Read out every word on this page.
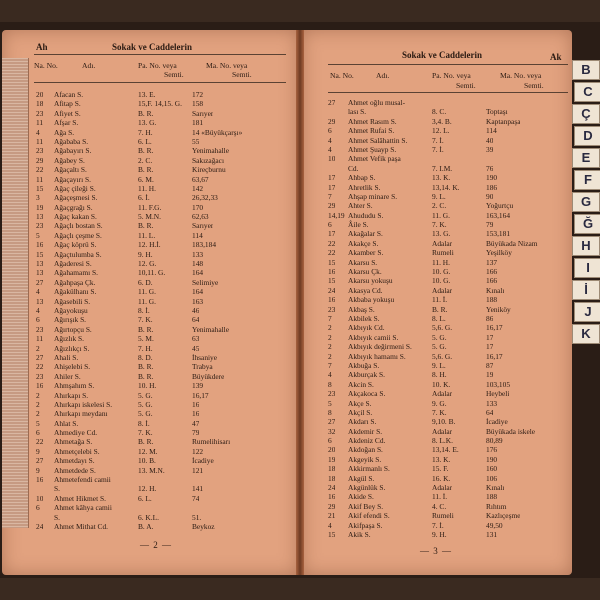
Ah	Sokak ve Caddelerin
Na. No.	Adı.	Pa. No. veya	Ma. No. veya
Semti.	Semti.
20 Afacan S.	13. E.	172
18 Afitap S.	15,F. 14,15. G. 158
23 Afiyet S.	B. R.	Sarıyer
11 Afşar S.	13. G.	181
4 Ağa S.	7. H.	14 «Büyükçarşı»
11 Ağababa S.	6. L.	55
23 Ağabayırı S.	B. R.	Yenimahalle
29 Ağabey S.	2. C.	Sakızağacı
22 Ağaçaltı S.	B. R.	Kireçburnu
11 Ağaçayırı S.	6. M.	63,67
15 Ağaç çileği S.	11. H.	142
3 Ağaçeşmesi S.	6. İ.	26,32,33
19 Ağaçgrağı S.	11. F.G.	170
13 Ağaç kakan S.	5. M.N.	62,63
23 Ağaçlı bostan S.	B. R.	Sarıyer
5 Ağaçlı çeşme S.	11. L.	114
16 Ağaç köprü S.	12. H.İ.	183,184
15 Ağaçtulumba S.	9. H.	133
13 Ağaderesi S.	12. G.	148
13 Ağahamamı S.	10,11. G.	164
27 Ağahpaşa Çk.	6. D.	Selimiye
4 Ağakülhanı S.	11. G.	164
13 Ağasebili S.	11. G.	163
4 Ağayokuşu	8. İ.	46
6 Ağırışık S.	7. K.	64
23 Ağırtopçu S.	B. R.	Yenimahalle
11 Ağızlık S.	5. M.	63
2 Ağızlıkçı S.	7. H.	45
27 Ahali S.	8. D.	İhsaniye
22 Ahişelebi S.	B. R.	Trabya
23 Ahiler S.	B. R.	Büyükdere
16 Ahmşahım S.	10. H.	139
2 Ahırkapı S.	5. G.	16,17
2 Ahırkapı iskelesi S.	5. G.	16
2 Ahırkapı meydanı	5. G.	16
5 Ahlat S.	8. İ.	47
6 Ahmediye Cd.	7. K.	79
22 Ahmetağa S.	B. R.	Rumelihisarı
9 Ahmetçelebi S.	12. M.	122
27 Ahmetdayı S.	10. B.	İcadiye
9 Ahmetdede S.	13. M.N.	121
16 Ahmetefendi camii
S.	12. H.	141
10 Ahmet Hikmet S.	6. L.	74
6 Ahmet kâhya camii
S.	6. K.L.	51.
24 Ahmet Mithat Cd.	B. A.	Beykoz
— 2 —
Sokak ve Caddelerin	Ak
Na. No.	Adı.	Pa. No. veya	Ma. No. veya
Semti.	Semti.
27 Ahmet oğlu musal-
lası S.	8. C.	Toptaşı
29 Ahmet Rasım S.	3,4. B.	Kaptanpaşa
6 Ahmet Rufai S.	12. L.	114
4 Ahmet Salâhattin S.	7. İ.	40
4 Ahmet Şuayp S.	7. İ.	39
10 Ahmet Vefik paşa
Cd.	7. I.M.	76
17 Ahbap S.	13. K.	190
17 Ahretlik S.	13,14. K.	186
7 Ahşap minare S.	9. L.	90
29 Ahter S.	2. C.	Yoğurtçu
14,19 Ahududu S.	11. G.	163,164
6 Âile S.	7. K.	79
17 Akağalar S.	13. G.	153,181
22 Akakçe S.	Adalar	Büyükada Nizam
22 Akamber S.	Rumeli	Yeşilköy
15 Akarsu S.	11. H.	137
16 Akarsu Çk.	10. G.	166
15 Akarsu yokuşu	10. G.	166
24 Akasya Cd.	Adalar	Kınalı
16 Akbaba yokuşu	11. İ.	188
23 Akbaş S.	B. R.	Yeniköy
7 Akbilek S.	8. L.	86
2 Akbıyık Cd.	5,6. G.	16,17
2 Akbıyık camii S.	5. G.	17
2 Akbıyık değirmeni S.	5. G.	17
2 Akbıyık hamamı S.	5,6. G.	16,17
7 Akbuğa S.	9. L.	87
4 Akburçak S.	8. H.	19
8 Akcin S.	10. K.	103,105
23 Akçakoca S.	Adalar	Heybeli
5 Akçe S.	9. G.	133
8 Akçil S.	7. K.	64
27 Akdarı S.	9,10. B.	İcadiye
32 Akdemir S.	Adalar	Büyükada iskele
6 Akdeniz Cd.	8. L.K.	80,89
20 Akdoğan S.	13,14. E.	176
19 Akgeyik S.	13. K.	190
18 Akkirmanlı S.	15. F.	160
18 Akgül S.	16. K.	106
24 Akgünlük S.	Adalar	Kınalı
16 Akide S.	11. İ.	188
29 Akif Bey S.	4. C.	Rıhtım
21 Akif efendi S.	Rumeli	Kazlıçeşme
4 Akifpaşa S.	7. İ.	49,50
15 Akik S.	9. H.	131
— 3 —
B
C
Ç
D
E
F
G
Ğ
H
I
İ
J
K
